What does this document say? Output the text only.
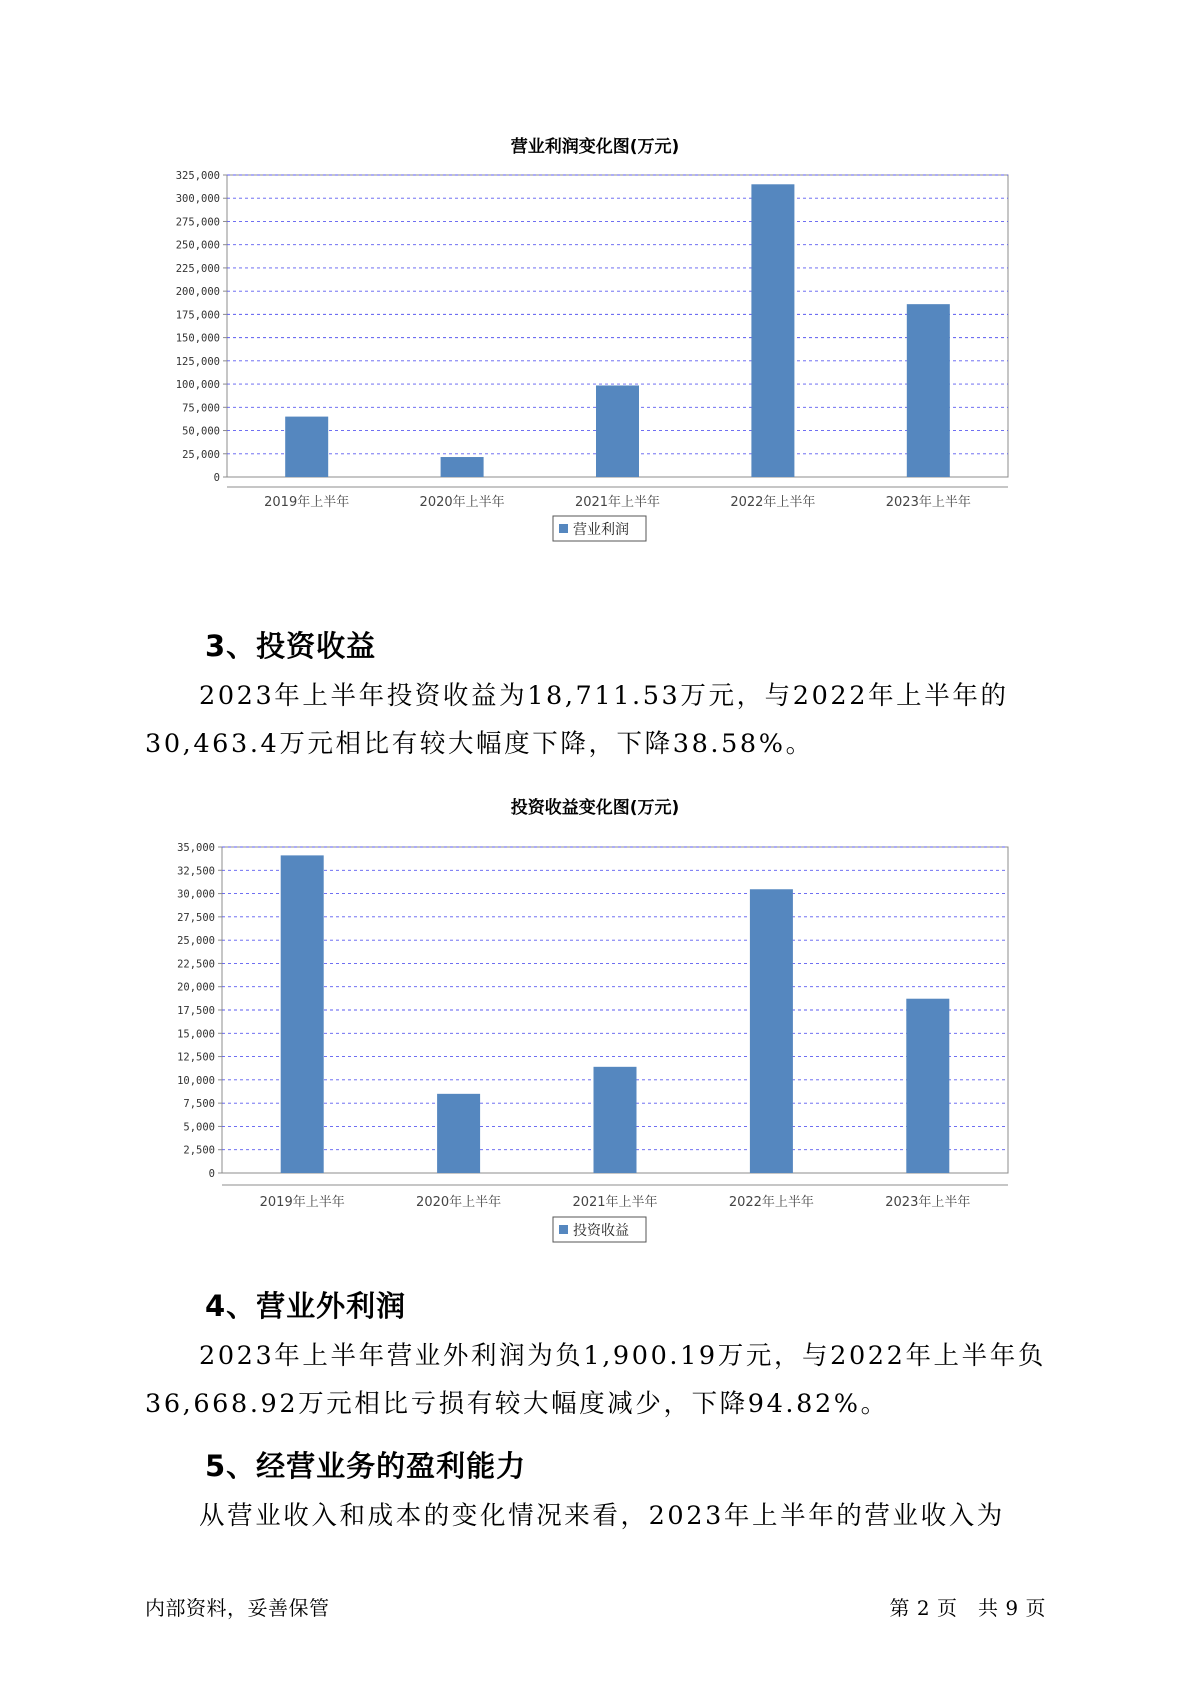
营业利润变化图(万元)
0
25,000
50,000
75,000
100,000
125,000
150,000
175,000
200,000
225,000
250,000
275,000
300,000
325,000
2019年上半年	2020年上半年	2021年上半年	2022年上半年	2023年上半年
营业利润
3、投资收益

2023年上半年投资收益为18,711.53万元，与2022年上半年的30,463.4万元相比有较大幅度下降，下降38.58%。

投资收益变化图(万元)
0
2,500
5,000
7,500
10,000
12,500
15,000
17,500
20,000
22,500
25,000
27,500
30,000
32,500
35,000
2019年上半年	2020年上半年	2021年上半年	2022年上半年	2023年上半年
投资收益
4、营业外利润

2023年上半年营业外利润为负1,900.19万元，与2022年上半年负36,668.92万元相比亏损有较大幅度减少，下降94.82%。

5、经营业务的盈利能力

从营业收入和成本的变化情况来看，2023年上半年的营业收入为

内部资料，妥善保管	第 2 页   共 9 页
